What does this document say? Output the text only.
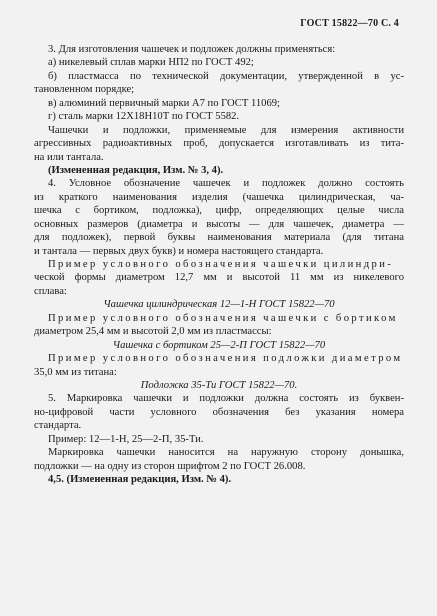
ГОСТ 15822—70 С. 4
3. Для изготовления чашечек и подложек должны применяться:
а) никелевый сплав марки НП2 по ГОСТ 492;
б) пластмасса по технической документации, утвержденной в ус-
тановленном порядке;
в) алюминий первичный марки А7 по ГОСТ 11069;
г) сталь марки 12Х18Н10Т по ГОСТ 5582.
Чашечки и подложки, применяемые для измерения активности
агрессивных радиоактивных проб, допускается изготавливать из тита-
на или тантала.
(Измененная редакция, Изм. № 3, 4).
4. Условное обозначение чашечек и подложек должно состоять
из краткого наименования изделия (чашечка цилиндрическая, ча-
шечка с бортиком, подложка), цифр, определяющих целые числа
основных размеров (диаметра и высоты — для чашечек, диаметра —
для подложек), первой буквы наименования материала (для титана
и тантала — первых двух букв) и номера настоящего стандарта.
Пример условного обозначения чашечки цилиндри-
ческой формы диаметром 12,7 мм и высотой 11 мм из никелевого
сплава:
Чашечка цилиндрическая 12—1-Н ГОСТ 15822—70
Пример условного обозначения чашечки с бортиком
диаметром 25,4 мм и высотой 2,0 мм из пластмассы:
Чашечка с бортиком 25—2-П ГОСТ 15822—70
Пример условного обозначения подложки диаметром
35,0 мм из титана:
Подложка 35-Ти ГОСТ 15822—70.
5. Маркировка чашечки и подложки должна состоять из буквен-
но-цифровой части условного обозначения без указания номера
стандарта.
Пример: 12—1-Н, 25—2-П, 35-Ти.
Маркировка чашечки наносится на наружную сторону донышка,
подложки — на одну из сторон шрифтом 2 по ГОСТ 26.008.
4,5. (Измененная редакция, Изм. № 4).
